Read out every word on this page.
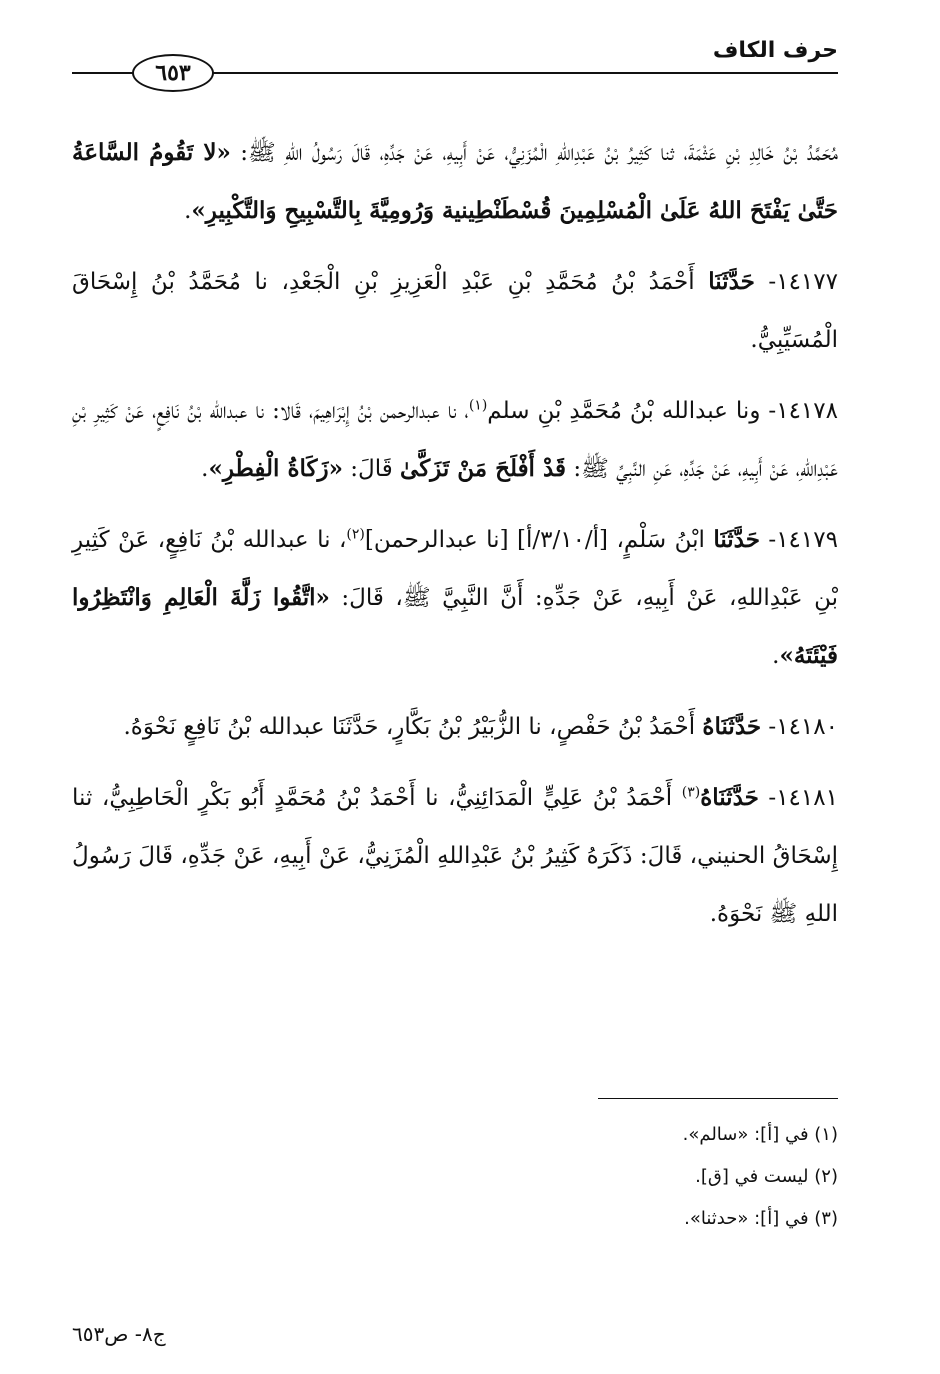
٦٥٣
حرف الكاف

مُحَمَّدُ بْنُ خَالِدِ بْنِ عَثْمَةَ، ثنا كَثِيرُ بْنُ عَبْدِاللهِ الْمُزَنِيُّ، عَنْ أَبِيهِ، عَنْ جَدِّهِ، قَالَ رَسُولُ اللهِ ﷺ: «لا تَقُومُ السَّاعَةُ حَتَّىٰ يَفْتَحَ اللهُ عَلَىٰ الْمُسْلِمِينَ قُسْطَنْطِينية وَرُومِيَّةَ بِالتَّسْبِيحِ وَالتَّكْبِيرِ».

١٤١٧٧- حَدَّثَنَا أَحْمَدُ بْنُ مُحَمَّدِ بْنِ عَبْدِ الْعَزِيزِ بْنِ الْجَعْدِ، نا مُحَمَّدُ بْنُ إِسْحَاقَ الْمُسَيِّبِيُّ.

١٤١٧٨- ونا عبدالله بْنُ مُحَمَّدِ بْنِ سلم$^{(١)}$، نا عبدالرحمن بْنُ إِبْرَاهِيمَ، قَالا: نا عبدالله بْنُ نَافِعٍ، عَنْ كَثِيرِ بْنِ عَبْدِاللهِ، عَنْ أَبِيهِ، عَنْ جَدِّهِ، عَنِ النَّبِيِّ ﷺ: قَدْ أَفْلَحَ مَنْ تَزَكَّىٰ قَالَ: «زَكَاةُ الْفِطْرِ».

١٤١٧٩- حَدَّثَنَا ابْنُ سَلْمٍ، [أ/٣/١٠/أ] [نا عبدالرحمن]$^{(٢)}$، نا عبدالله بْنُ نَافِعٍ، عَنْ كَثِيرِ بْنِ عَبْدِاللهِ، عَنْ أَبِيهِ، عَنْ جَدِّهِ: أَنَّ النَّبِيَّ ﷺ، قَالَ: «اتَّقُوا زَلَّةَ الْعَالِمِ وَانْتَظِرُوا فَيْئَتَهُ».

١٤١٨٠- حَدَّثَنَاهُ أَحْمَدُ بْنُ حَفْصٍ، نا الزُّبَيْرُ بْنُ بَكَّارٍ، حَدَّثَنَا عبدالله بْنُ نَافِعٍ نَحْوَهُ.

١٤١٨١- حَدَّثَنَاهُ$^{(٣)}$ أَحْمَدُ بْنُ عَلِيٍّ الْمَدَائِنِيُّ، نا أَحْمَدُ بْنُ مُحَمَّدٍ أَبُو بَكْرٍ الْحَاطِبِيُّ، ثنا إِسْحَاقُ الحنيني، قَالَ: ذَكَرَهُ كَثِيرُ بْنُ عَبْدِاللهِ الْمُزَنِيُّ، عَنْ أَبِيهِ، عَنْ جَدِّهِ، قَالَ رَسُولُ اللهِ ﷺ نَحْوَهُ.

(١) في [أ]: «سالم».
(٢) ليست في [ق].
(٣) في [أ]: «حدثنا».
ج٨- ص٦٥٣
